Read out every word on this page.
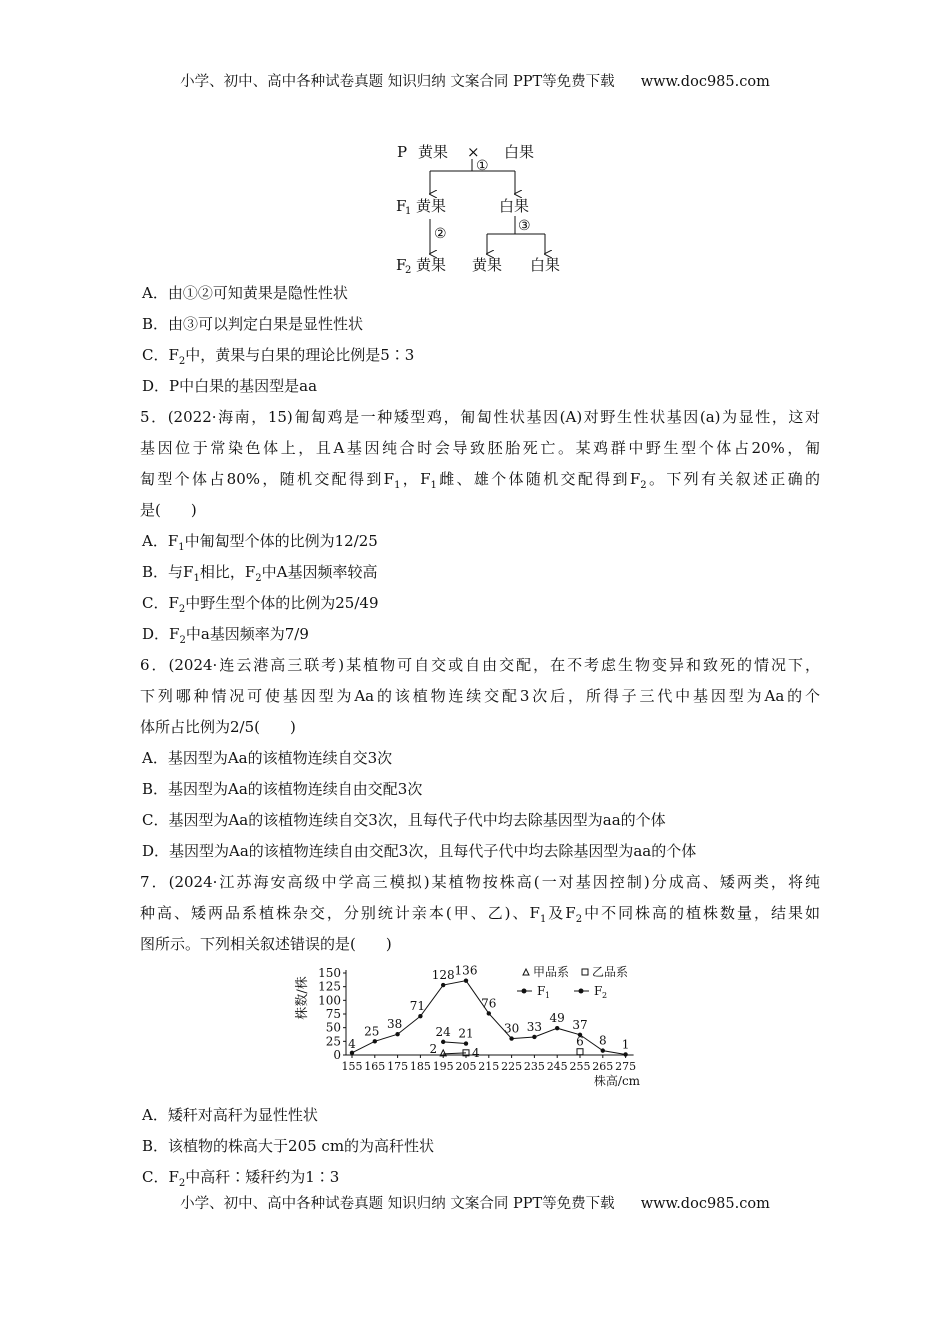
小学、初中、高中各种试卷真题 知识归纳 文案合同 PPT等免费下载 www.doc985.com
P 黄果 × 白果
①
F
1 黄果	白果
②	③
F
2 黄果 黄果 白果
A．由①②可知黄果是隐性性状
B．由③可以判定白果是显性性状
C．$F_2$中，黄果与白果的理论比例是5∶3
D．P中白果的基因型是aa
5．(2022·海南，15)匍匐鸡是一种矮型鸡，匍匐性状基因(A)对野生性状基因(a)为显性，这对
基因位于常染色体上，且A基因纯合时会导致胚胎死亡。某鸡群中野生型个体占20%，匍
匐型个体占80%，随机交配得到$F_1$，$F_1$雌、雄个体随机交配得到$F_2$。下列有关叙述正确的
是(　　)
A．$F_1$中匍匐型个体的比例为12/25
B．与$F_1$相比，$F_2$中A基因频率较高
C．$F_2$中野生型个体的比例为25/49
D．$F_2$中a基因频率为7/9
6．(2024·连云港高三联考)某植物可自交或自由交配，在不考虑生物变异和致死的情况下，
下列哪种情况可使基因型为Aa的该植物连续交配3次后，所得子三代中基因型为Aa的个
体所占比例为2/5(　　)
A．基因型为Aa的该植物连续自交3次
B．基因型为Aa的该植物连续自由交配3次
C．基因型为Aa的该植物连续自交3次，且每代子代中均去除基因型为aa的个体
D．基因型为Aa的该植物连续自由交配3次，且每代子代中均去除基因型为aa的个体
7．(2024·江苏海安高级中学高三模拟)某植物按株高(一对基因控制)分成高、矮两类，将纯
种高、矮两品系植株杂交，分别统计亲本(甲、乙)、$F_1$及$F_2$中不同株高的植株数量，结果如
图所示。下列相关叙述错误的是(　　)
株数/株
株高/cm
150
125
100
75
50
25
0
155 165 175 185 195 205 215 225 235 245 255 265 275
4
25
38
71
128 136
76
30 33
49 37
8 1
24 21
2	4
6
甲品系 乙品系
F 1	F 2
A．矮秆对高秆为显性性状
B．该植物的株高大于205 cm的为高秆性状
C．$F_2$中高秆∶矮秆约为1∶3
小学、初中、高中各种试卷真题 知识归纳 文案合同 PPT等免费下载 www.doc985.com
